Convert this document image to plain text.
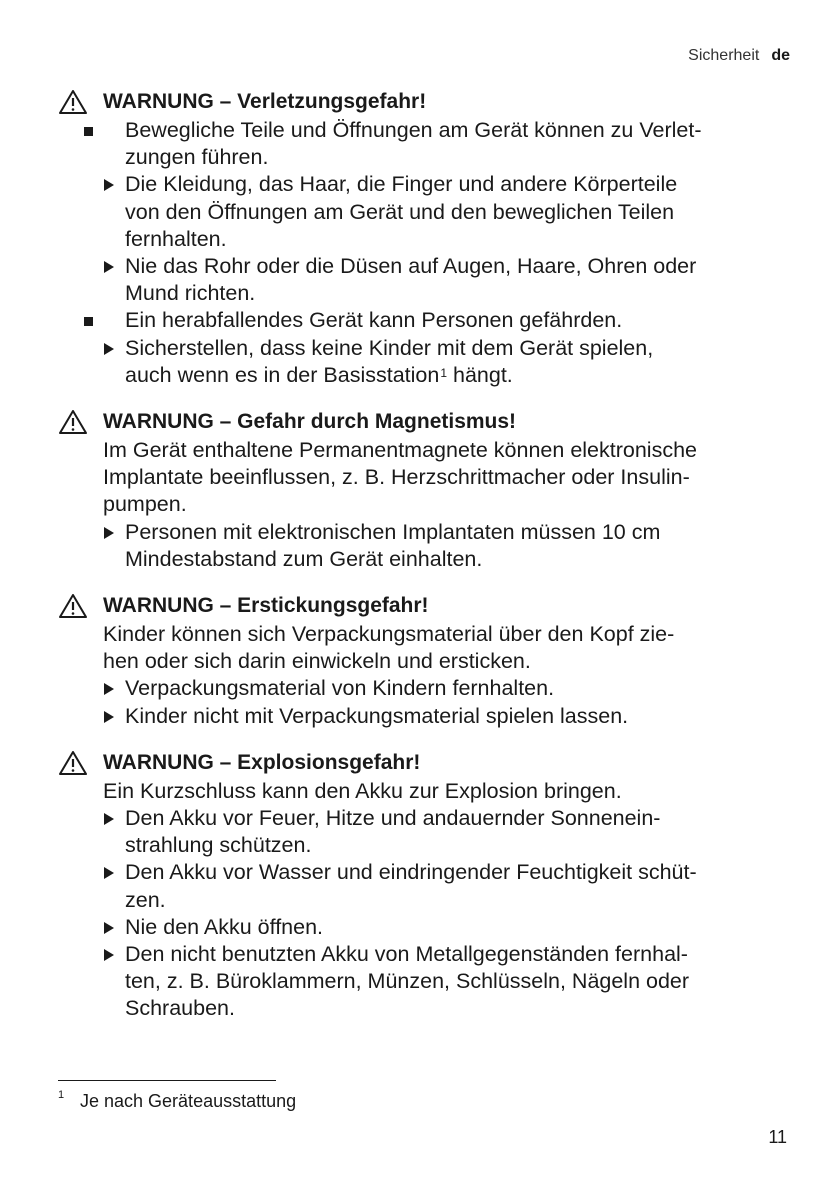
Sicherheit de
WARNUNG – Verletzungsgefahr!
Bewegliche Teile und Öffnungen am Gerät können zu Verlet-
zungen führen.
Die Kleidung, das Haar, die Finger und andere Körperteile
von den Öffnungen am Gerät und den beweglichen Teilen
fernhalten.
Nie das Rohr oder die Düsen auf Augen, Haare, Ohren oder
Mund richten.
Ein herabfallendes Gerät kann Personen gefährden.
Sicherstellen, dass keine Kinder mit dem Gerät spielen,
auch wenn es in der Basisstation$^1$ hängt.
WARNUNG – Gefahr durch Magnetismus!
Im Gerät enthaltene Permanentmagnete können elektronische
Implantate beeinflussen, z. B. Herzschrittmacher oder Insulin-
pumpen.
Personen mit elektronischen Implantaten müssen 10 cm
Mindestabstand zum Gerät einhalten.
WARNUNG – Erstickungsgefahr!
Kinder können sich Verpackungsmaterial über den Kopf zie-
hen oder sich darin einwickeln und ersticken.
Verpackungsmaterial von Kindern fernhalten.
Kinder nicht mit Verpackungsmaterial spielen lassen.
WARNUNG – Explosionsgefahr!
Ein Kurzschluss kann den Akku zur Explosion bringen.
Den Akku vor Feuer, Hitze und andauernder Sonnenein-
strahlung schützen.
Den Akku vor Wasser und eindringender Feuchtigkeit schüt-
zen.
Nie den Akku öffnen.
Den nicht benutzten Akku von Metallgegenständen fernhal-
ten, z. B. Büroklammern, Münzen, Schlüsseln, Nägeln oder
Schrauben.
1 Je nach Geräteausstattung
11
